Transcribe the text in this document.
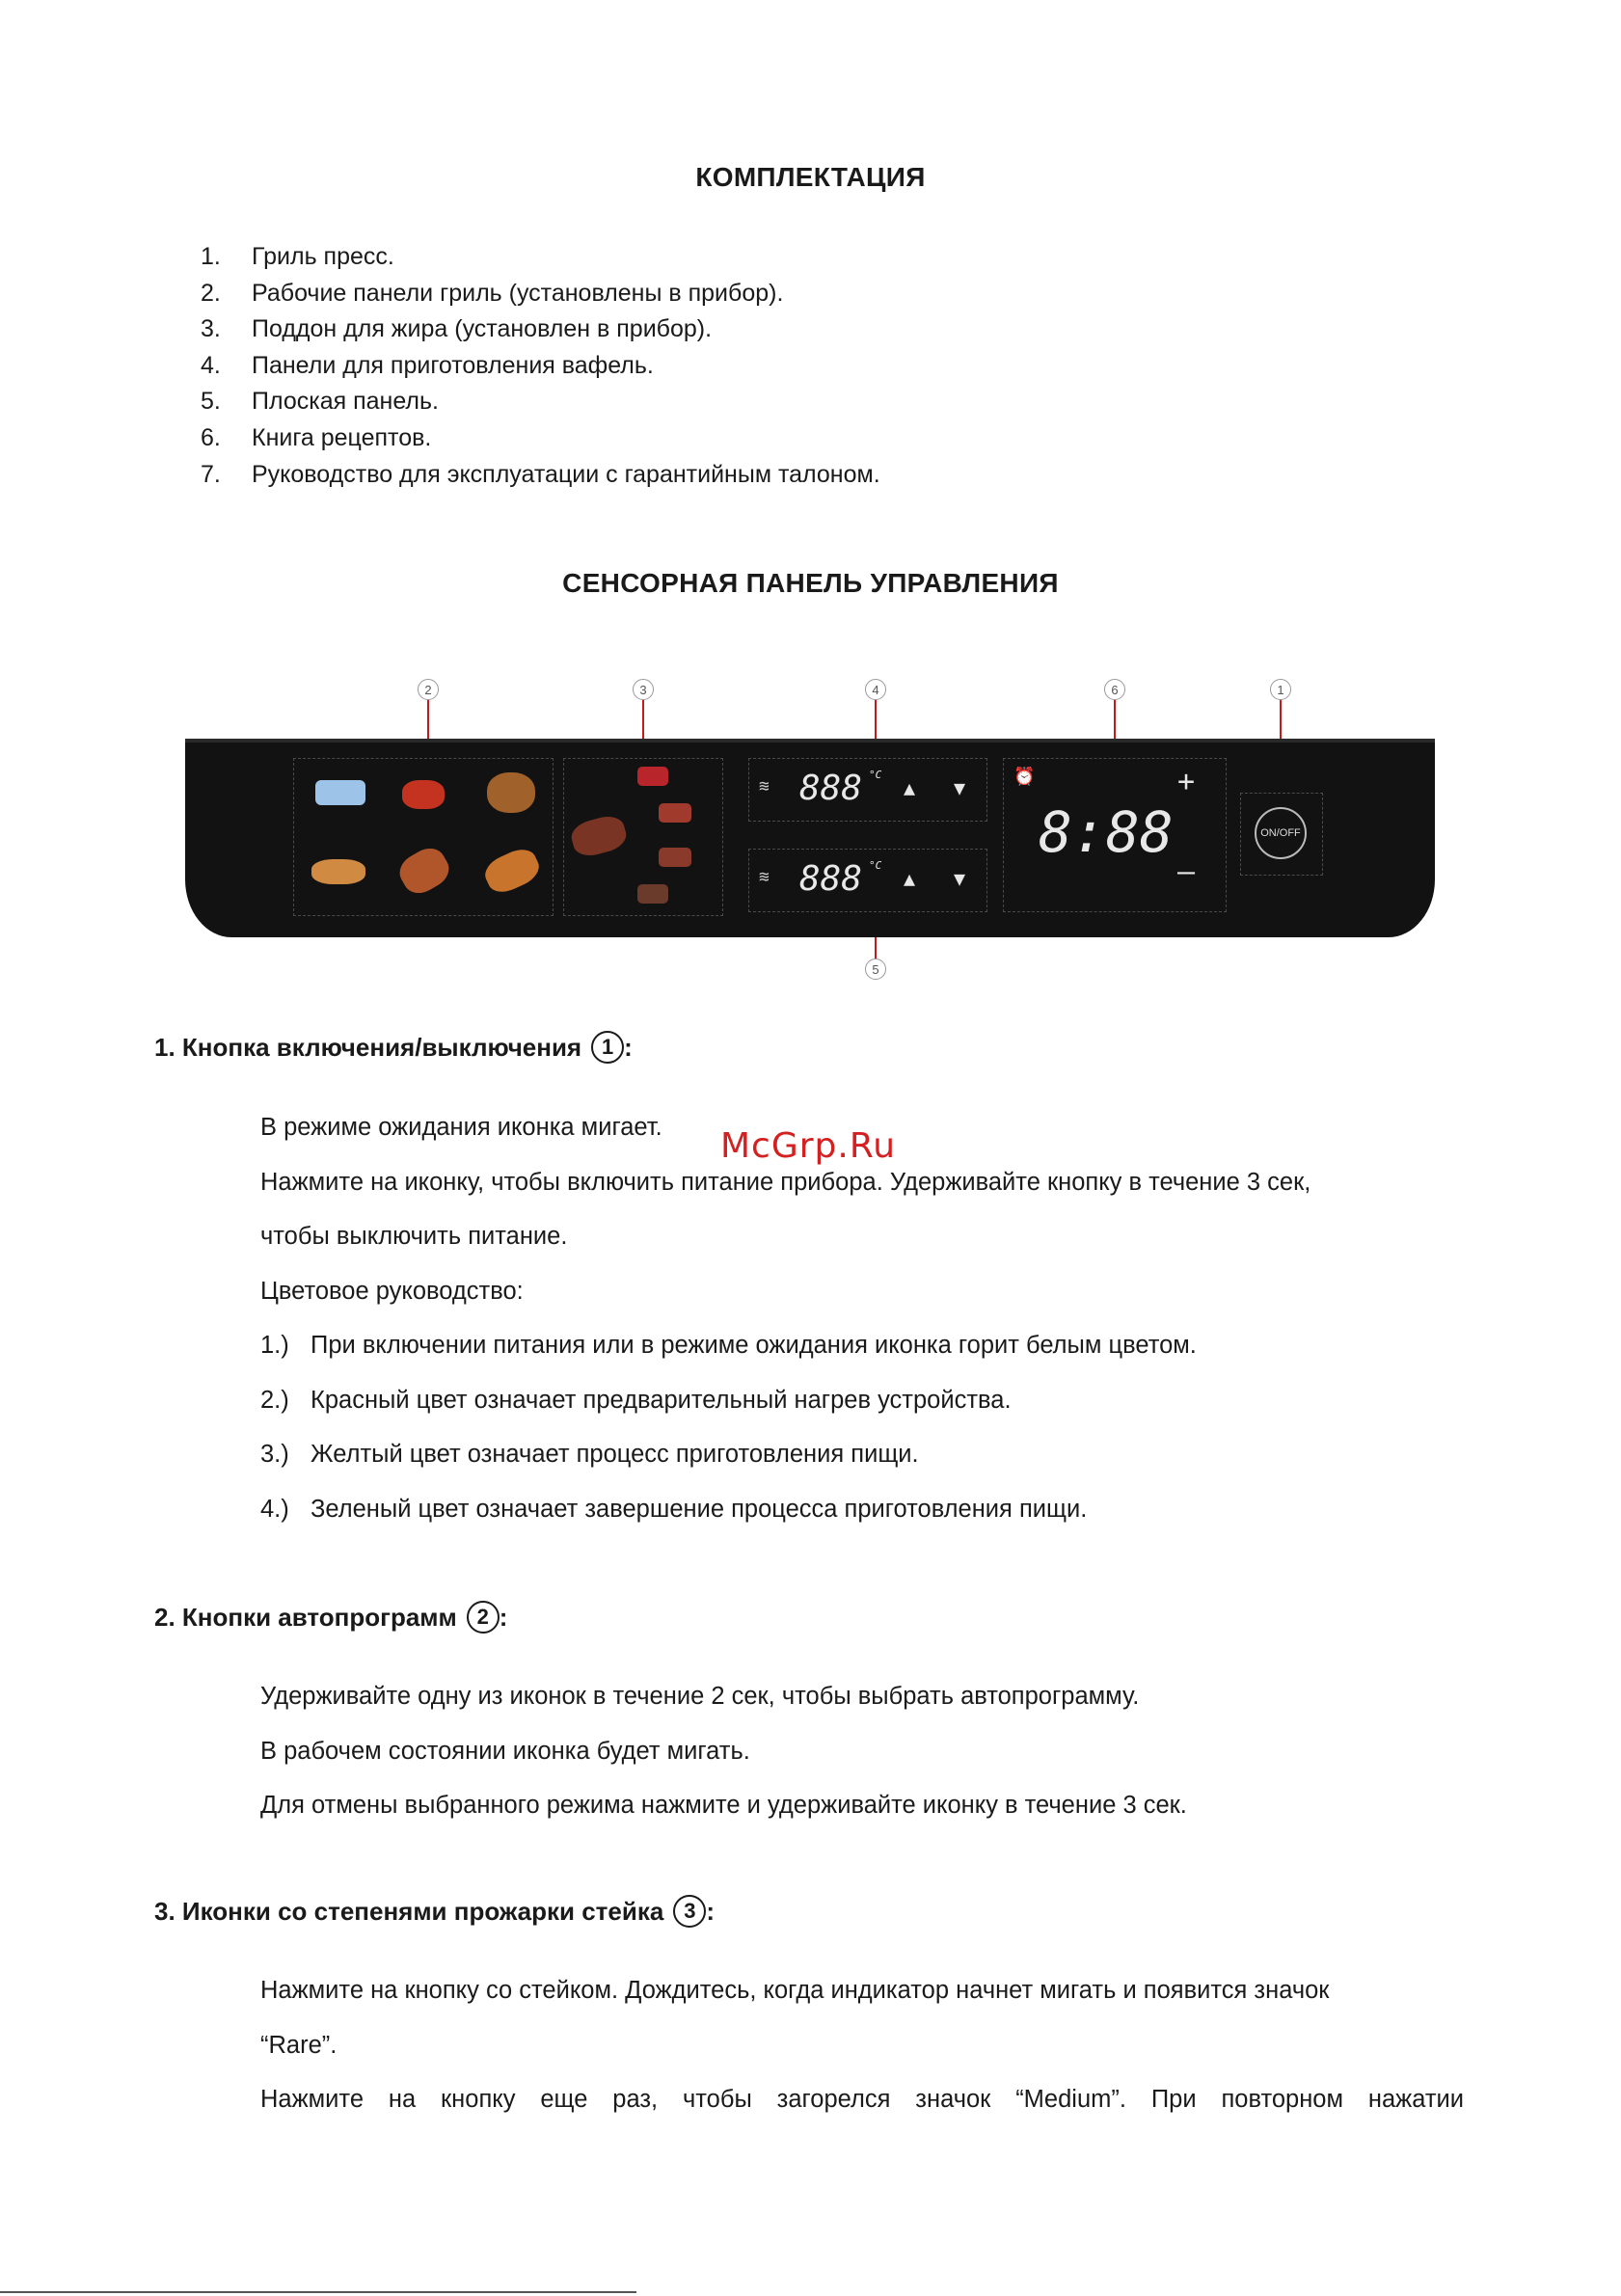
КОМПЛЕКТАЦИЯ
1.	Гриль пресс.
2.	Рабочие панели гриль (установлены в прибор).
3.	Поддон для жира (установлен в прибор).
4.	Панели для приготовления вафель.
5.	Плоская панель.
6.	Книга рецептов.
7.	Руководство для эксплуатации с гарантийным талоном.
СЕНСОРНАЯ ПАНЕЛЬ УПРАВЛЕНИЯ
2	3	4	6	1
5
≋ 888 °C
▲ ▼
≋ 888 °C
▲ ▼
⏰
8:88
+
–
ON/OFF
1. Кнопка включения/выключения 1 :

В режиме ожидания иконка мигает.

Нажмите на иконку, чтобы включить питание прибора. Удерживайте кнопку в течение 3 сек,

чтобы выключить питание.

Цветовое руководство:

1.) При включении питания или в режиме ожидания иконка горит белым цветом.
2.) Красный цвет означает предварительный нагрев устройства.
3.) Желтый цвет означает процесс приготовления пищи.
4.) Зеленый цвет означает завершение процесса приготовления пищи.
McGrp.Ru
2. Кнопки автопрограмм 2 :

Удерживайте одну из иконок в течение 2 сек, чтобы выбрать автопрограмму.

В рабочем состоянии иконка будет мигать.

Для отмены выбранного режима нажмите и удерживайте иконку в течение 3 сек.

3. Иконки со степенями прожарки стейка 3 :

Нажмите на кнопку со стейком. Дождитесь, когда индикатор начнет мигать и появится значок

“Rare”.

Нажмите на кнопку еще раз, чтобы загорелся значок “Medium”. При повторном нажатии
